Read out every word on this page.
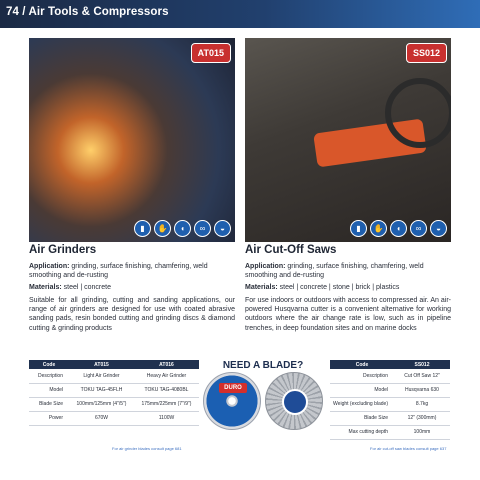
74 / Air Tools & Compressors
AT015
▮	✋	◖	∞	◒
SS012
▮	✋	◖	∞	◒
Air Grinders
Application: grinding, surface finishing, chamfering, weld smoothing and de-rusting
Materials: steel | concrete
Suitable for all grinding, cutting and sanding applications, our range of air grinders are designed for use with coated abrasive sanding pads, resin bonded cutting and grinding discs & diamond cutting & grinding products
Air Cut-Off Saws
Application: grinding, surface finishing, chamfering, weld smoothing and de-rusting
Materials: steel | concrete | stone | brick | plastics
For use indoors or outdoors with access to compressed air. An air-powered Husqvarna cutter is a convenient alternative for working outdoors where the air change rate is low, such as in pipeline trenches, in deep foundation sites and on marine docks
Code	AT015	AT016
Description	Light Air Grinder	Heavy Air Grinder
Model	TOKU TAG-45FLH	TOKU TAG-4080BL
Blade Size	100mm/125mm (4"/5")	175mm/225mm (7"/9")
Power	670W	1100W
NEED A BLADE?
DURO
Code	SS012
Description	Cut Off Saw 12"
Model	Husqvarna 630
Weight (excluding blade)	8.7kg
Blade Size	12" (300mm)
Max cutting depth	100mm
For air grinder blades consult page 681	For air cut-off saw blades consult page 637
